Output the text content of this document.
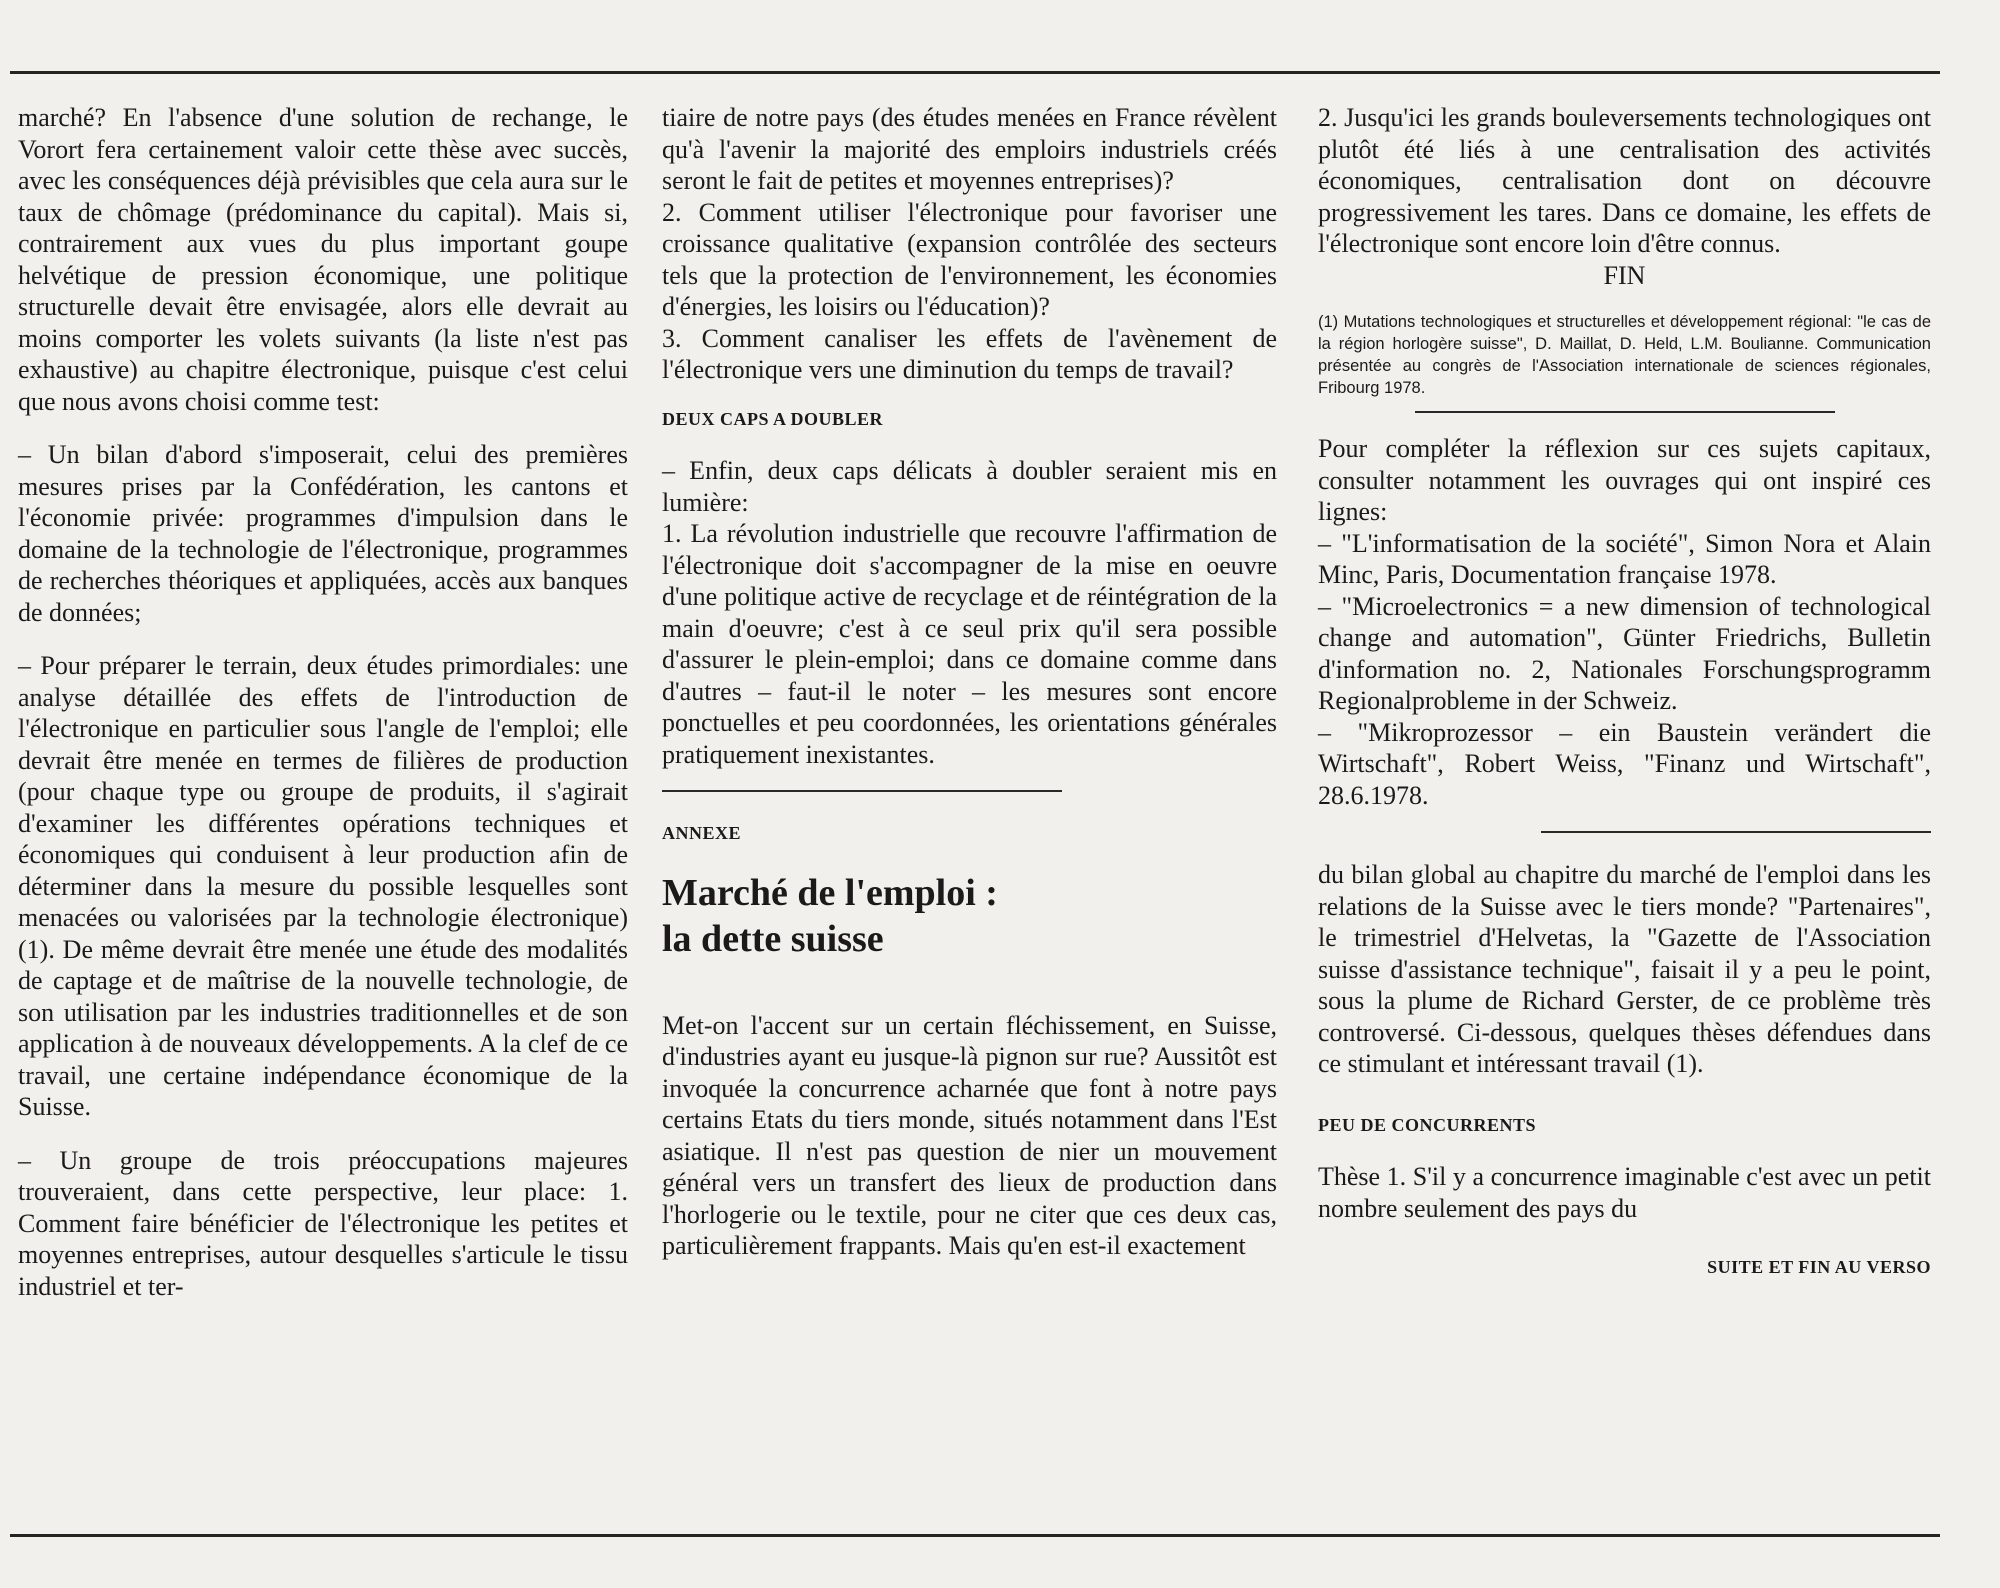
marché? En l'absence d'une solution de rechange, le Vorort fera certainement valoir cette thèse avec succès, avec les conséquences déjà prévisibles que cela aura sur le taux de chômage (prédominance du capital). Mais si, contrairement aux vues du plus important goupe helvétique de pression économique, une politique structurelle devait être envisagée, alors elle devrait au moins comporter les volets suivants (la liste n'est pas exhaustive) au chapitre électronique, puisque c'est celui que nous avons choisi comme test:

– Un bilan d'abord s'imposerait, celui des premières mesures prises par la Confédération, les cantons et l'économie privée: programmes d'impulsion dans le domaine de la technologie de l'électronique, programmes de recherches théoriques et appliquées, accès aux banques de données;

– Pour préparer le terrain, deux études primordiales: une analyse détaillée des effets de l'introduction de l'électronique en particulier sous l'angle de l'emploi; elle devrait être menée en termes de filières de production (pour chaque type ou groupe de produits, il s'agirait d'examiner les différentes opérations techniques et économiques qui conduisent à leur production afin de déterminer dans la mesure du possible lesquelles sont menacées ou valorisées par la technologie électronique) (1). De même devrait être menée une étude des modalités de captage et de maîtrise de la nouvelle technologie, de son utilisation par les industries traditionnelles et de son application à de nouveaux développements. A la clef de ce travail, une certaine indépendance économique de la Suisse.

– Un groupe de trois préoccupations majeures trouveraient, dans cette perspective, leur place: 1. Comment faire bénéficier de l'électronique les petites et moyennes entreprises, autour desquelles s'articule le tissu industriel et ter-

tiaire de notre pays (des études menées en France révèlent qu'à l'avenir la majorité des emploirs industriels créés seront le fait de petites et moyennes entreprises)?

2. Comment utiliser l'électronique pour favoriser une croissance qualitative (expansion contrôlée des secteurs tels que la protection de l'environnement, les économies d'énergies, les loisirs ou l'éducation)?

3. Comment canaliser les effets de l'avènement de l'électronique vers une diminution du temps de travail?

DEUX CAPS A DOUBLER

– Enfin, deux caps délicats à doubler seraient mis en lumière:

1. La révolution industrielle que recouvre l'affirmation de l'électronique doit s'accompagner de la mise en oeuvre d'une politique active de recyclage et de réintégration de la main d'oeuvre; c'est à ce seul prix qu'il sera possible d'assurer le plein-emploi; dans ce domaine comme dans d'autres – faut-il le noter – les mesures sont encore ponctuelles et peu coordonnées, les orientations générales pratiquement inexistantes.

ANNEXE
Marché de l'emploi :
la dette suisse

Met-on l'accent sur un certain fléchissement, en Suisse, d'industries ayant eu jusque-là pignon sur rue? Aussitôt est invoquée la concurrence acharnée que font à notre pays certains Etats du tiers monde, situés notamment dans l'Est asiatique. Il n'est pas question de nier un mouvement général vers un transfert des lieux de production dans l'horlogerie ou le textile, pour ne citer que ces deux cas, particulièrement frappants. Mais qu'en est-il exactement

2. Jusqu'ici les grands bouleversements technologiques ont plutôt été liés à une centralisation des activités économiques, centralisation dont on découvre progressivement les tares. Dans ce domaine, les effets de l'électronique sont encore loin d'être connus.

FIN

(1) Mutations technologiques et structurelles et développement régional: "le cas de la région horlogère suisse", D. Maillat, D. Held, L.M. Boulianne. Communication présentée au congrès de l'Association internationale de sciences régionales, Fribourg 1978.

Pour compléter la réflexion sur ces sujets capitaux, consulter notamment les ouvrages qui ont inspiré ces lignes:

– "L'informatisation de la société", Simon Nora et Alain Minc, Paris, Documentation française 1978.

– "Microelectronics = a new dimension of technological change and automation", Günter Friedrichs, Bulletin d'information no. 2, Nationales Forschungsprogramm Regionalprobleme in der Schweiz.

– "Mikroprozessor – ein Baustein verändert die Wirtschaft", Robert Weiss, "Finanz und Wirtschaft", 28.6.1978.

du bilan global au chapitre du marché de l'emploi dans les relations de la Suisse avec le tiers monde? "Partenaires", le trimestriel d'Helvetas, la "Gazette de l'Association suisse d'assistance technique", faisait il y a peu le point, sous la plume de Richard Gerster, de ce problème très controversé. Ci-dessous, quelques thèses défendues dans ce stimulant et intéressant travail (1).

PEU DE CONCURRENTS

Thèse 1. S'il y a concurrence imaginable c'est avec un petit nombre seulement des pays du

SUITE ET FIN AU VERSO
